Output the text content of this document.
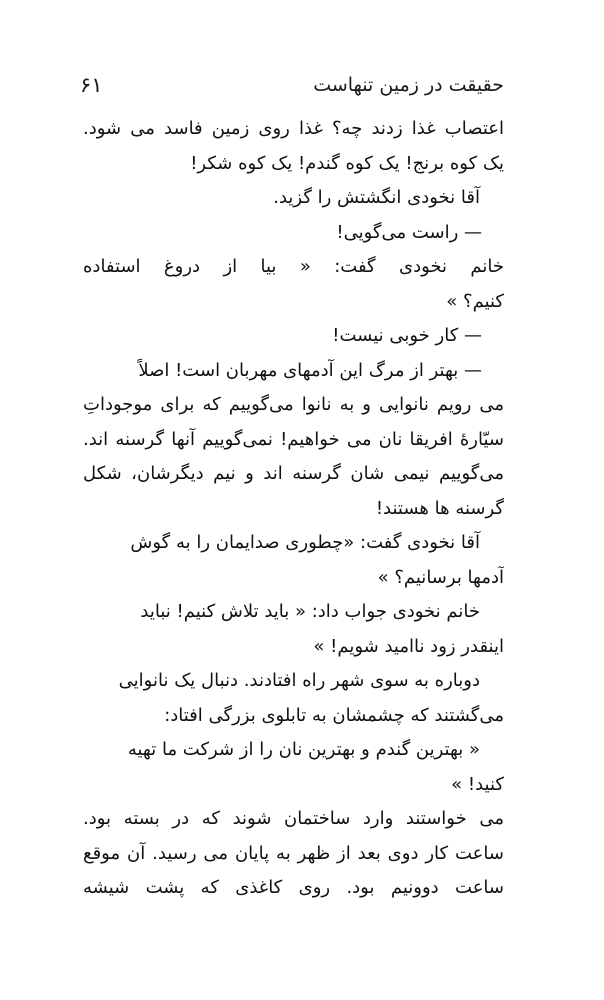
حقیقت در زمین تنهاست
۶۱
اعتصاب غذا زدند چه؟ غذا روی زمین فاسد می شود.
یک کوه برنج! یک کوه گندم! یک کوه شکر!
آقا نخودی انگشتش را گزید.
— راست می‌گویی!
خانم نخودی گفت: « بیا از دروغ استفاده
کنیم؟ »
— کار خوبی نیست!
— بهتر از مرگ این آدمهای مهربان است! اصلاً
می رویم نانوایی و به نانوا می‌گوییم که برای موجوداتِ
سیّارهٔ افریقا نان می خواهیم! نمی‌گوییم آنها گرسنه اند.
می‌گوییم نیمی شان گرسنه اند و نیم دیگرشان، شکل
گرسنه ها هستند!
آقا نخودی گفت: «چطوری صدایمان را به گوش
آدمها برسانیم؟ »
خانم نخودی جواب داد: « باید تلاش کنیم! نباید
اینقدر زود ناامید شویم! »
دوباره به سوی شهر راه افتادند. دنبال یک نانوایی
می‌گشتند که چشمشان به تابلوی بزرگی افتاد:
« بهترین گندم و بهترین نان را از شرکت ما تهیه
کنید! »
می خواستند وارد ساختمان شوند که در بسته بود.
ساعت کار دوی بعد از ظهر به پایان می رسید. آن موقع
ساعت دوونیم بود. روی کاغذی که پشت شیشه
